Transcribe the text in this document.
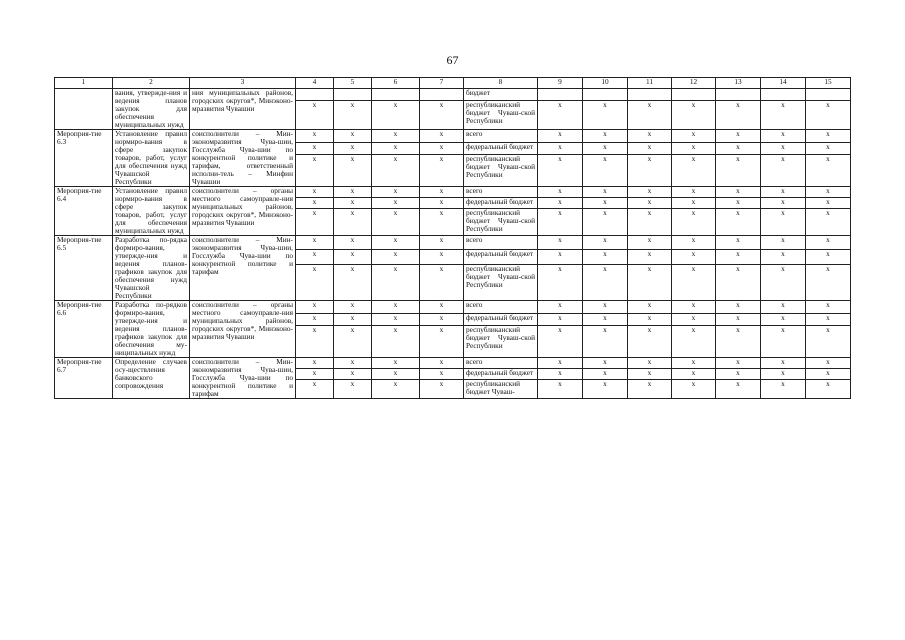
67
1	2	3	4	5	6	7	8	9	10	11	12	13	14	15
	вания, утвержде-ния и ведения планов закупок для обеспечения муниципальных нужд	ния муниципальных районов, городских округов*, Минэконо-мразвития Чувашии					бюджет							
			х	х	х	х	республиканский бюджет Чуваш-ской Республики	х	х	х	х	х	х	х
Мероприя-тие 6.3	Установление правил нормиро-вания в сфере закупок товаров, работ, услуг для обеспечения нужд Чувашской Республики	соисполнители – Мин-экономразвития Чува-шии, Госслужба Чува-шии по конкурентной политике и тарифам, ответственный исполни-тель – Минфин Чувашии	х	х	х	х	всего	х	х	х	х	х	х	х
			х	х	х	х	федеральный бюджет	х	х	х	х	х	х	х
			х	х	х	х	республиканский бюджет Чуваш-ской Республики	х	х	х	х	х	х	х
Мероприя-тие 6.4	Установление правил нормиро-вания в сфере закупок товаров, работ, услуг для обеспечения муниципальных нужд	соисполнители – органы местного самоуправле-ния муниципальных районов, городских округов*, Минэконо-мразвития Чувашии	х	х	х	х	всего	х	х	х	х	х	х	х
			х	х	х	х	федеральный бюджет	х	х	х	х	х	х	х
			х	х	х	х	республиканский бюджет Чуваш-ской Республики	х	х	х	х	х	х	х
Мероприя-тие 6.5	Разработка по-рядка формиро-вания, утвержде-ния и ведения планов-графиков закупок для обеспечения нужд Чувашской Республики	соисполнители – Мин-экономразвития Чува-шии, Госслужба Чува-шии по конкурентной политике и тарифам	х	х	х	х	всего	х	х	х	х	х	х	х
			х	х	х	х	федеральный бюджет	х	х	х	х	х	х	х
			х	х	х	х	республиканский бюджет Чуваш-ской Республики	х	х	х	х	х	х	х
Мероприя-тие 6.6	Разработка по-рядков формиро-вания, утвержде-ния и ведения планов-графиков закупок для обеспечения му-ниципальных нужд	соисполнители – органы местного самоуправле-ния муниципальных районов, городских округов*, Минэконо-мразвития Чувашии	х	х	х	х	всего	х	х	х	х	х	х	х
			х	х	х	х	федеральный бюджет	х	х	х	х	х	х	х
			х	х	х	х	республиканский бюджет Чуваш-ской Республики	х	х	х	х	х	х	х
Мероприя-тие 6.7	Определение случаев осу-ществления банковского сопровождения	соисполнители – Мин-экономразвития Чува-шии, Госслужба Чува-шии по конкурентной политике и тарифам	х	х	х	х	всего	х	х	х	х	х	х	х
			х	х	х	х	федеральный бюджет	х	х	х	х	х	х	х
			х	х	х	х	республиканский бюджет Чуваш-	х	х	х	х	х	х	х
